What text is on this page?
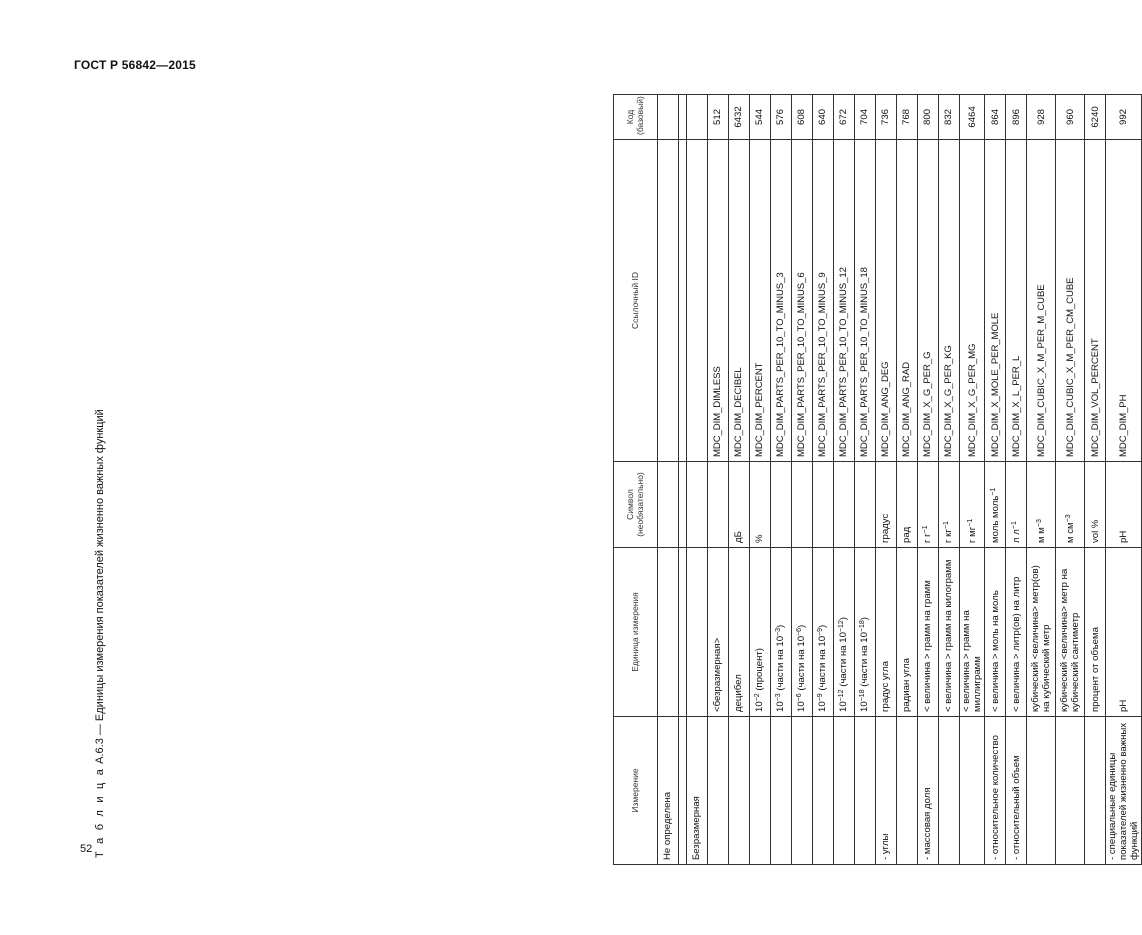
ГОСТ Р 56842—2015
52 Т а б л и ц а А.6.3 — Единицы измерения показателей жизненно важных функций
Измерение	Единица измерения	Символ (необязательно)	Ссылочный ID	Код (базовый)
Не определена				

Безразмерная				
	<безразмерная>		MDC_DIM_DIMLESS	512
	децибел	дБ	MDC_DIM_DECIBEL	6432
	$10^{-2}$ (процент)	%	MDC_DIM_PERCENT	544
	$10^{-3}$ (части на $10^{-3}$)		MDC_DIM_PARTS_PER_10_TO_MINUS_3	576
	$10^{-6}$ (части на $10^{-6}$)		MDC_DIM_PARTS_PER_10_TO_MINUS_6	608
	$10^{-9}$ (части на $10^{-9}$)		MDC_DIM_PARTS_PER_10_TO_MINUS_9	640
	$10^{-12}$ (части на $10^{-12}$)		MDC_DIM_PARTS_PER_10_TO_MINUS_12	672
	$10^{-18}$ (части на $10^{-18}$)		MDC_DIM_PARTS_PER_10_TO_MINUS_18	704
- углы	градус угла	градус	MDC_DIM_ANG_DEG	736
	радиан угла	рад	MDC_DIM_ANG_RAD	768
- массовая доля	< величина > грамм на грамм	г $г^{-1}$	MDC_DIM_X_G_PER_G	800
	< величина > грамм на килограмм	г $кг^{-1}$	MDC_DIM_X_G_PER_KG	832
	< величина > грамм на миллиграмм	г $мг^{-1}$	MDC_DIM_X_G_PER_MG	6464
- относительное количество	< величина > моль на моль	моль моль$^{-1}$	MDC_DIM_X_MOLE_PER_MOLE	864
- относительный объем	< величина > литр(ов) на литр	л $л^{-1}$	MDC_DIM_X_L_PER_L	896
	кубический <величина> метр(ов) на кубический метр	м $м^{-3}$	MDC_DIM_CUBIC_X_M_PER_M_CUBE	928
	кубический <величина> метр на кубический сантиметр	м $см^{-3}$	MDC_DIM_CUBIC_X_M_PER_CM_CUBE	960
	процент от объема	vol %	MDC_DIM_VOL_PERCENT	6240
- специальные единицы показателей жизненно важных функций	pH	pH	MDC_DIM_PH	992
